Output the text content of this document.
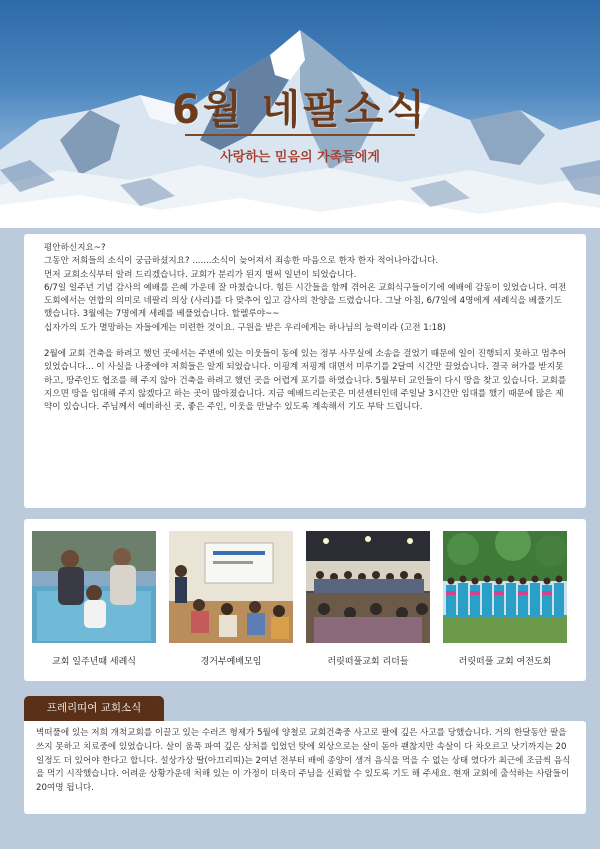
6월 네팔소식
사랑하는 믿음의 가족들에게

평안하신지요~?

그동안 저희들의 소식이 궁금하셨지요? .......소식이 늦어져서 죄송한 마음으로 한자 한자 적어나아갑니다.

먼저 교회소식부터 알려 드리겠습니다. 교회가 분리가 된지 벌써 일년이 되었습니다.

6/7일 일주년 기념 감사의 예배를 은혜 가운데 잘 마쳤습니다. 힘든 시간들을 함께 겪어온 교회식구들이기에 예배에 감동이 있었습니다. 여전도회에서는 연합의 의미로 네팔리 의상 (사리)를 다 맞추어 입고 감사의 찬양을 드렸습니다. 그날 아침, 6/7일에 4명에게 세례식을 베풀기도 했습니다. 3월에는 7명에게 세례를 베풀었습니다. 할렐루야~~

십자가의 도가 멸망하는 자들에게는 미련한 것이요. 구원을 받은 우리에게는 하나님의 능력이라 (고전 1:18)

2월에 교회 건축을 하려고 했던 곳에서는 주변에 있는 이웃들이 동에 있는 정부 사무실에 소송을 걸었기 때문에 일이 진행되지 못하고 멈추어 있었습니다... 이 사실을 나중에야 저희들은 알게 되었습니다. 이핑계 저핑계 대면서 미루기를 2달여 시간만 끌었습니다. 결국 허가를 받지못하고, 땅주인도 협조를 해 주지 않아 건축을 하려고 했던 곳을 어렵게 포기를 하였습니다. 5월부터 교인들이 다시 땅을 찾고 있습니다. 교회를 지으면 땅을 임대해 주지 않겠다고 하는 곳이 많아졌습니다. 지금 예배드리는곳은 미션센터인데 주일날 3시간만 임대를 했기 때문에 많은 제약이 있습니다. 주님께서 예비하신 곳, 좋은 주인, 이웃을 만날수 있도록 계속해서 기도 부탁 드립니다.

교회 일주년때 세례식	경거부예배모임	러릿떠풀교회 리더들	러릿떠풀 교회 여전도회
프레리띠여 교회소식

벽떠풀에 있는 저희 개척교회를 이끌고 있는 수러즈 형제가 5월에 양철로 교회건축중 사고로 팔에 깊은 사고를 당했습니다. 거의 한달동안 팔을 쓰지 못하고 치료중에 있었습니다. 살이 움푹 파여 깊은 상처를 입었던 탓에 외상으로는 살이 돋아 괜찮지만 속살이 다 차오르고 낫기까지는 20일정도 더 있어야 한다고 합니다. 설상가상 딸(아끄리띠)는 2여년 전부터 배에 종양이 생겨 음식을 먹을 수 없는 상태 였다가 최근에 조금씩 음식을 먹기 시작했습니다. 어려운 상황가운데 처해 있는 이 가정이 더욱더 주님을 신뢰할 수 있도록 기도 해 주세요. 현재 교회에 출석하는 사람들이 20여명 됩니다.
